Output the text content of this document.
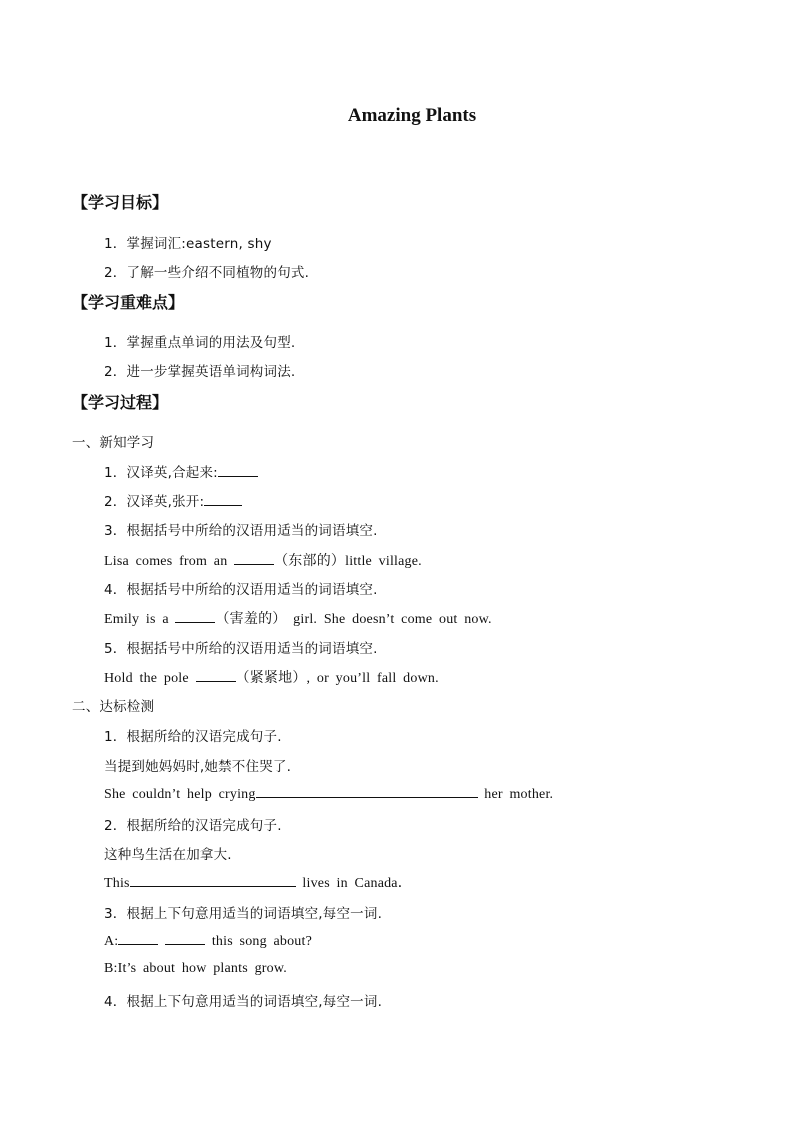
Amazing Plants
【学习目标】
1．掌握词汇:eastern, shy
2．了解一些介绍不同植物的句式.
【学习重难点】
1．掌握重点单词的用法及句型.
2．进一步掌握英语单词构词法.
【学习过程】
一、新知学习
1．汉译英,合起来:
2．汉译英,张开:
3．根据括号中所给的汉语用适当的词语填空.
Lisa comes from an	（东部的）little village.
4．根据括号中所给的汉语用适当的词语填空.
Emily is a	（害羞的） girl. She doesn’t come out now.
5．根据括号中所给的汉语用适当的词语填空.
Hold the pole	（紧紧地）, or you’ll fall down.
二、达标检测
1．根据所给的汉语完成句子.
当提到她妈妈时,她禁不住哭了.
She couldn’t help crying	her mother.
2．根据所给的汉语完成句子.
这种鸟生活在加拿大.
This	lives in Canada．
3．根据上下句意用适当的词语填空,每空一词.
A:	this song about?
B:It’s about how plants grow.
4．根据上下句意用适当的词语填空,每空一词.
